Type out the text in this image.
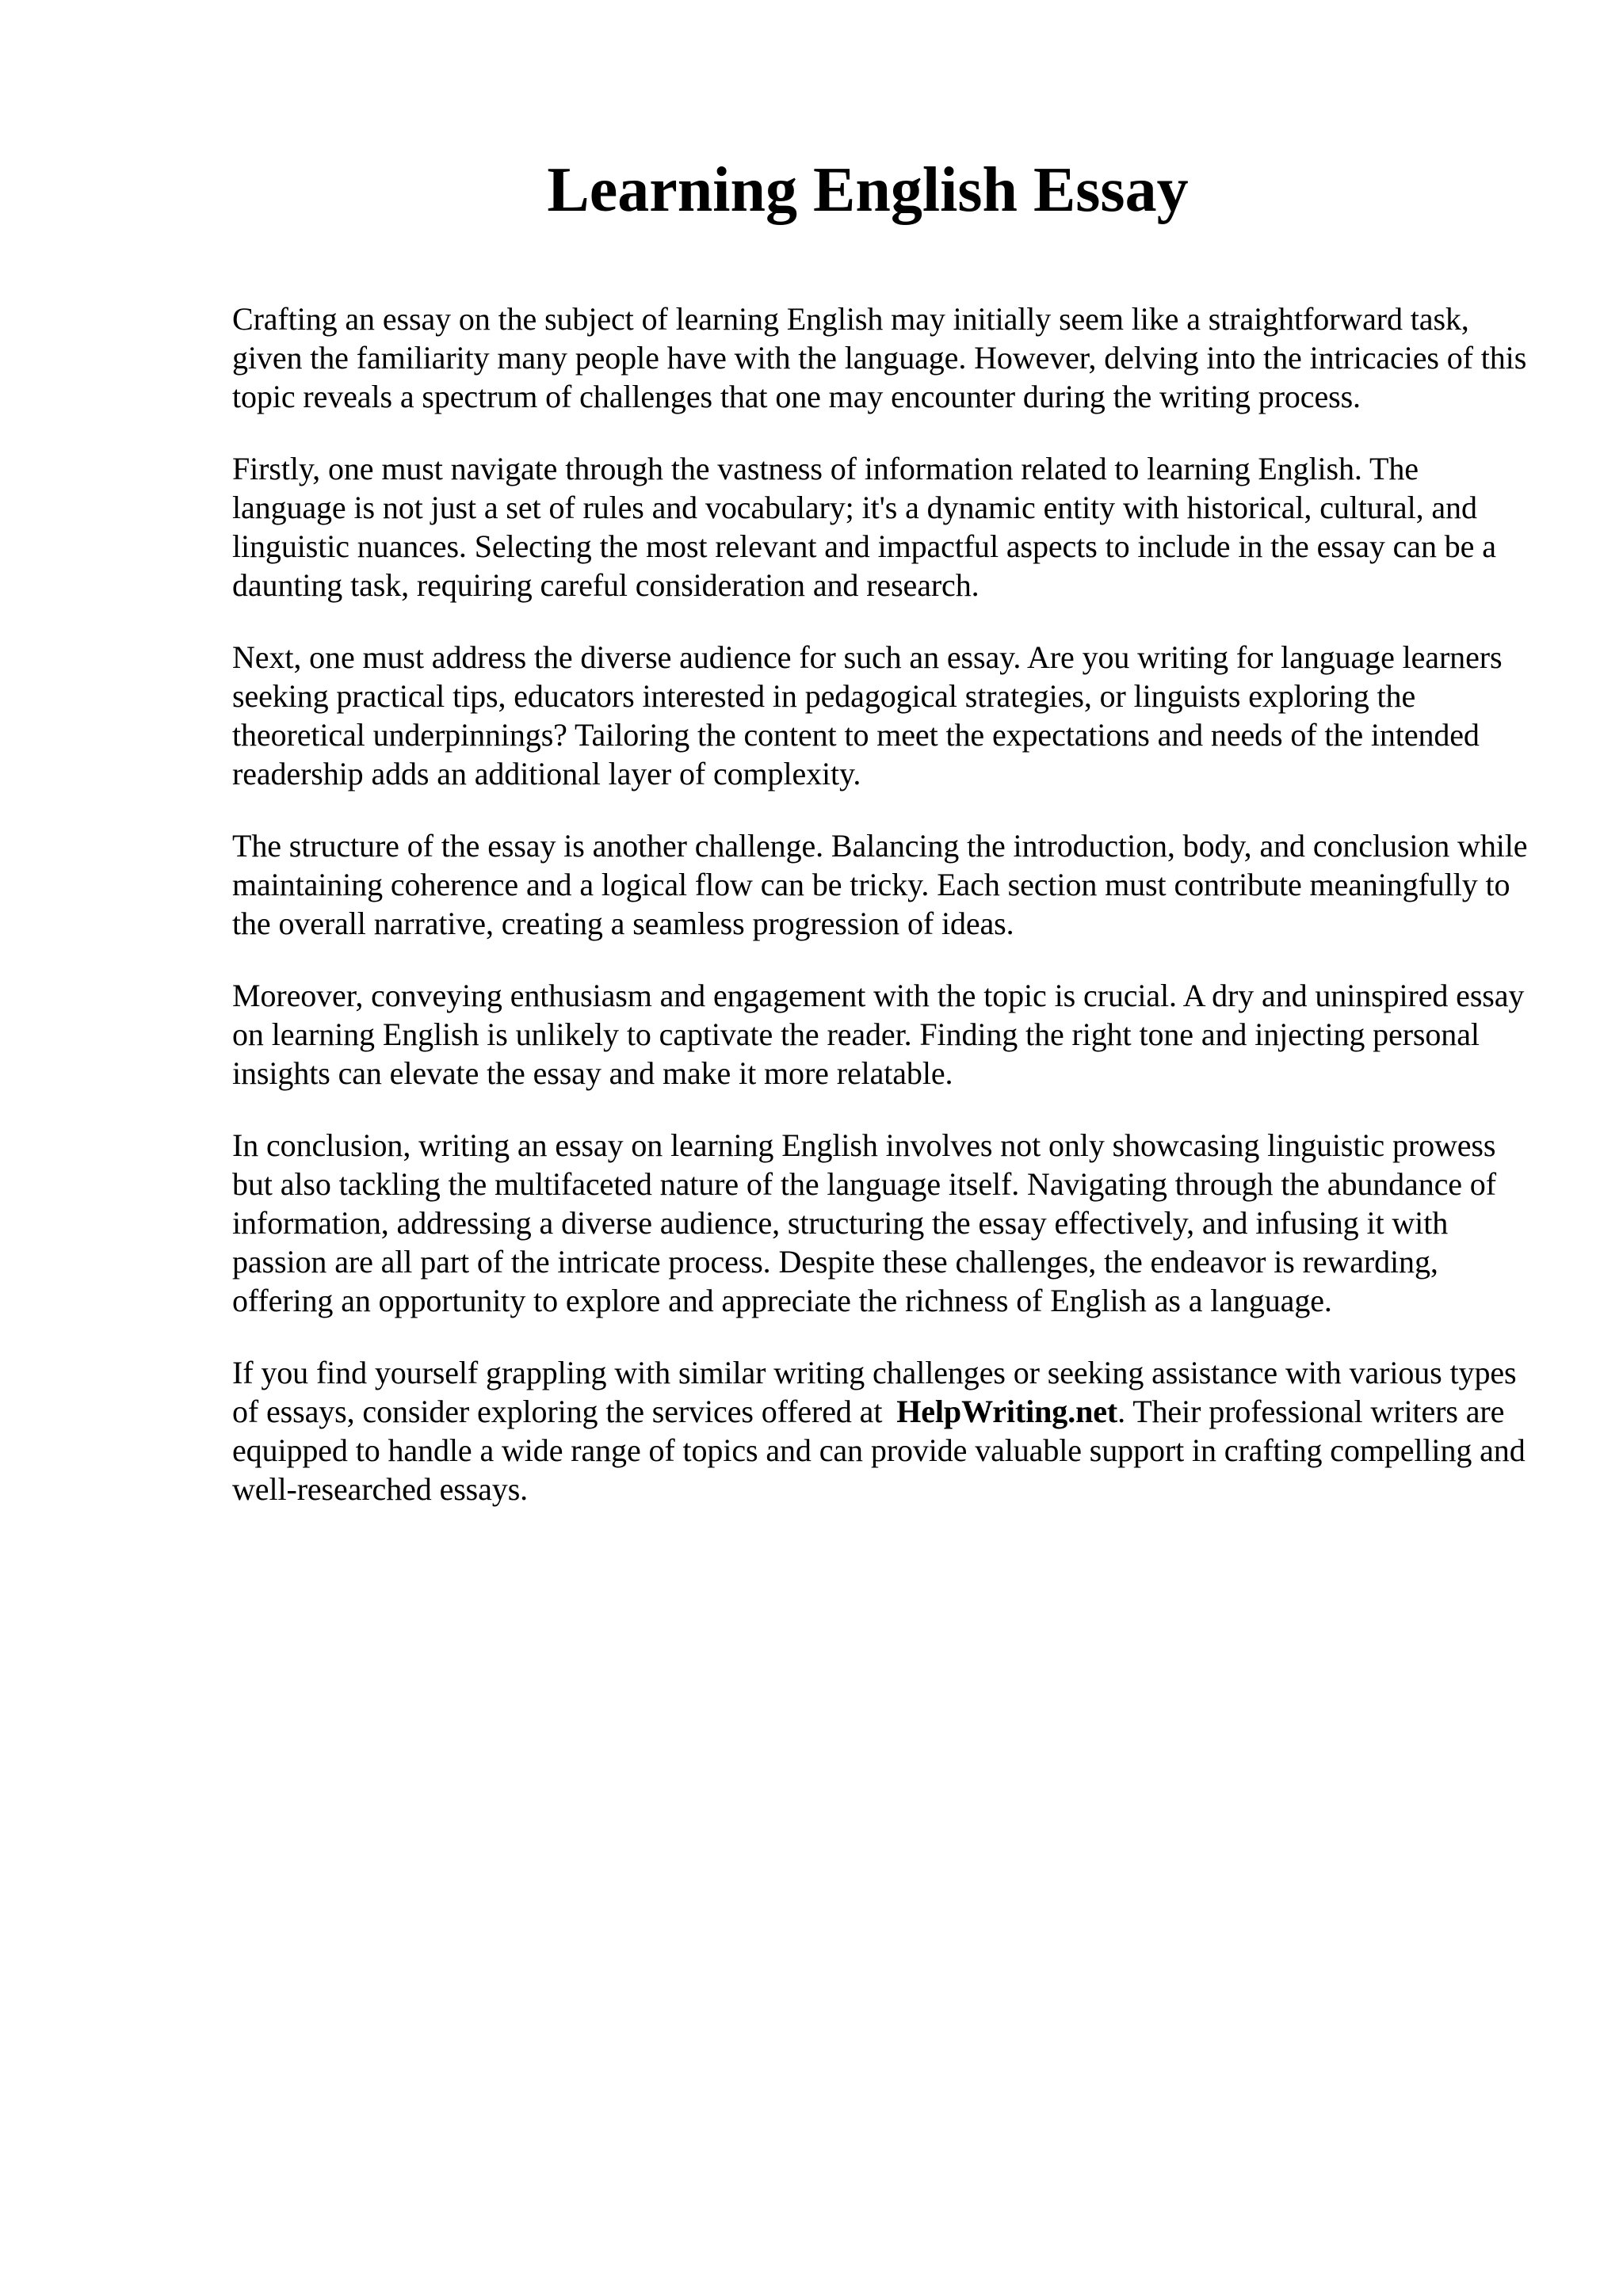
Learning English Essay

Crafting an essay on the subject of learning English may initially seem like a straightforward task, given the familiarity many people have with the language. However, delving into the intricacies of this topic reveals a spectrum of challenges that one may encounter during the writing process.

Firstly, one must navigate through the vastness of information related to learning English. The language is not just a set of rules and vocabulary; it's a dynamic entity with historical, cultural, and linguistic nuances. Selecting the most relevant and impactful aspects to include in the essay can be a daunting task, requiring careful consideration and research.

Next, one must address the diverse audience for such an essay. Are you writing for language learners seeking practical tips, educators interested in pedagogical strategies, or linguists exploring the theoretical underpinnings? Tailoring the content to meet the expectations and needs of the intended readership adds an additional layer of complexity.

The structure of the essay is another challenge. Balancing the introduction, body, and conclusion while maintaining coherence and a logical flow can be tricky. Each section must contribute meaningfully to the overall narrative, creating a seamless progression of ideas.

Moreover, conveying enthusiasm and engagement with the topic is crucial. A dry and uninspired essay on learning English is unlikely to captivate the reader. Finding the right tone and injecting personal insights can elevate the essay and make it more relatable.

In conclusion, writing an essay on learning English involves not only showcasing linguistic prowess but also tackling the multifaceted nature of the language itself. Navigating through the abundance of information, addressing a diverse audience, structuring the essay effectively, and infusing it with passion are all part of the intricate process. Despite these challenges, the endeavor is rewarding, offering an opportunity to explore and appreciate the richness of English as a language.

If you find yourself grappling with similar writing challenges or seeking assistance with various types of essays, consider exploring the services offered at HelpWriting.net. Their professional writers are equipped to handle a wide range of topics and can provide valuable support in crafting compelling and well-researched essays.
